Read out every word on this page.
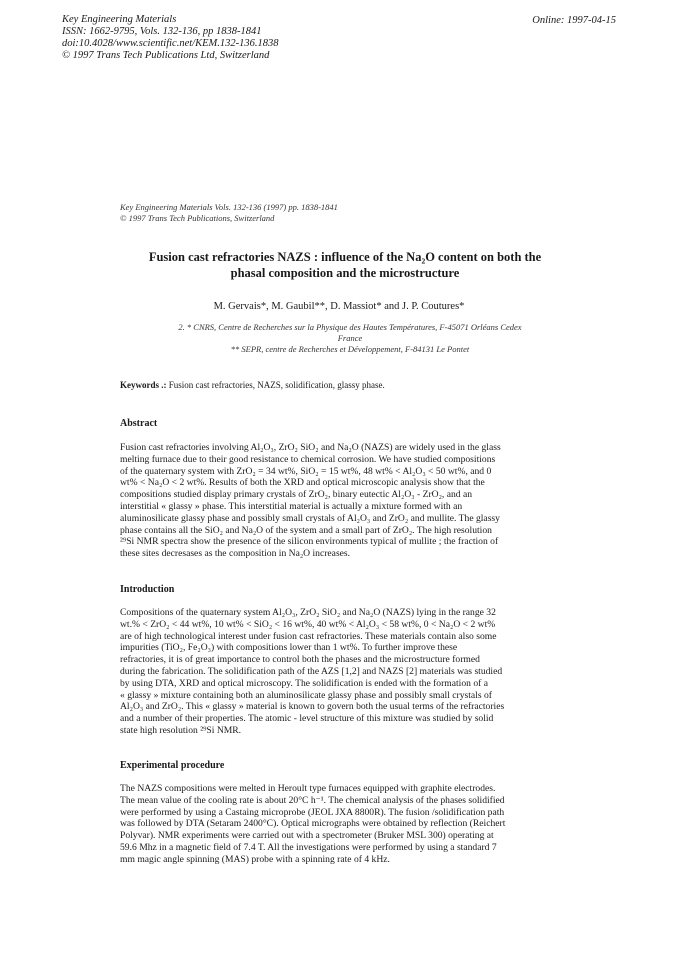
Key Engineering Materials
ISSN: 1662-9795, Vols. 132-136, pp 1838-1841
doi:10.4028/www.scientific.net/KEM.132-136.1838
© 1997 Trans Tech Publications Ltd, Switzerland
Online: 1997-04-15
Key Engineering Materials Vols. 132-136 (1997) pp. 1838-1841
© 1997 Trans Tech Publications, Switzerland
Fusion cast refractories NAZS : influence of the Na₂O content on both the
phasal composition and the microstructure
M. Gervais*, M. Gaubil**, D. Massiot* and J. P. Coutures*
2. * CNRS, Centre de Recherches sur la Physique des Hautes Températures, F-45071 Orléans Cedex
France
** SEPR, centre de Recherches et Développement, F-84131 Le Pontet
Keywords .: Fusion cast refractories, NAZS, solidification, glassy phase.
Abstract
Fusion cast refractories involving Al₂O₃, ZrO₂ SiO₂ and Na₂O (NAZS) are widely used in the glass
melting furnace due to their good resistance to chemical corrosion. We have studied compositions
of the quaternary system with ZrO₂ = 34 wt%, SiO₂ = 15 wt%, 48 wt% < Al₂O₃ < 50 wt%, and 0
wt% < Na₂O < 2 wt%. Results of both the XRD and optical microscopic analysis show that the
compositions studied display primary crystals of ZrO₂, binary eutectic Al₂O₃ - ZrO₂, and an
interstitial « glassy » phase. This interstitial material is actually a mixture formed with an
aluminosilicate glassy phase and possibly small crystals of Al₂O₃ and ZrO₂ and mullite. The glassy
phase contains all the SiO₂ and Na₂O of the system and a small part of ZrO₂. The high resolution
²⁹Si NMR spectra show the presence of the silicon environments typical of mullite ; the fraction of
these sites decresases as the composition in Na₂O increases.
Introduction
Compositions of the quaternary system Al₂O₃, ZrO₂ SiO₂ and Na₂O (NAZS) lying in the range 32
wt.% < ZrO₂ < 44 wt%, 10 wt% < SiO₂ < 16 wt%, 40 wt% < Al₂O₃ < 58 wt%, 0 < Na₂O < 2 wt%
are of high technological interest under fusion cast refractories. These materials contain also some
impurities (TiO₂, Fe₂O₃) with compositions lower than 1 wt%. To further improve these
refractories, it is of great importance to control both the phases and the microstructure formed
during the fabrication. The solidification path of the AZS [1,2] and NAZS [2] materials was studied
by using DTA, XRD and optical microscopy. The solidification is ended with the formation of a
« glassy » mixture containing both an aluminosilicate glassy phase and possibly small crystals of
Al₂O₃ and ZrO₂. This « glassy » material is known to govern both the usual terms of the refractories
and a number of their properties. The atomic - level structure of this mixture was studied by solid
state high resolution ²⁹Si NMR.
Experimental procedure
The NAZS compositions were melted in Heroult type furnaces equipped with graphite electrodes.
The mean value of the cooling rate is about 20°C h⁻¹. The chemical analysis of the phases solidified
were performed by using a Castaing microprobe (JEOL JXA 8800R). The fusion /solidification path
was followed by DTA (Setaram 2400°C). Optical micrographs were obtained by reflection (Reichert
Polyvar). NMR experiments were carried out with a spectrometer (Bruker MSL 300) operating at
59.6 Mhz in a magnetic field of 7.4 T. All the investigations were performed by using a standard 7
mm magic angle spinning (MAS) probe with a spinning rate of 4 kHz.
